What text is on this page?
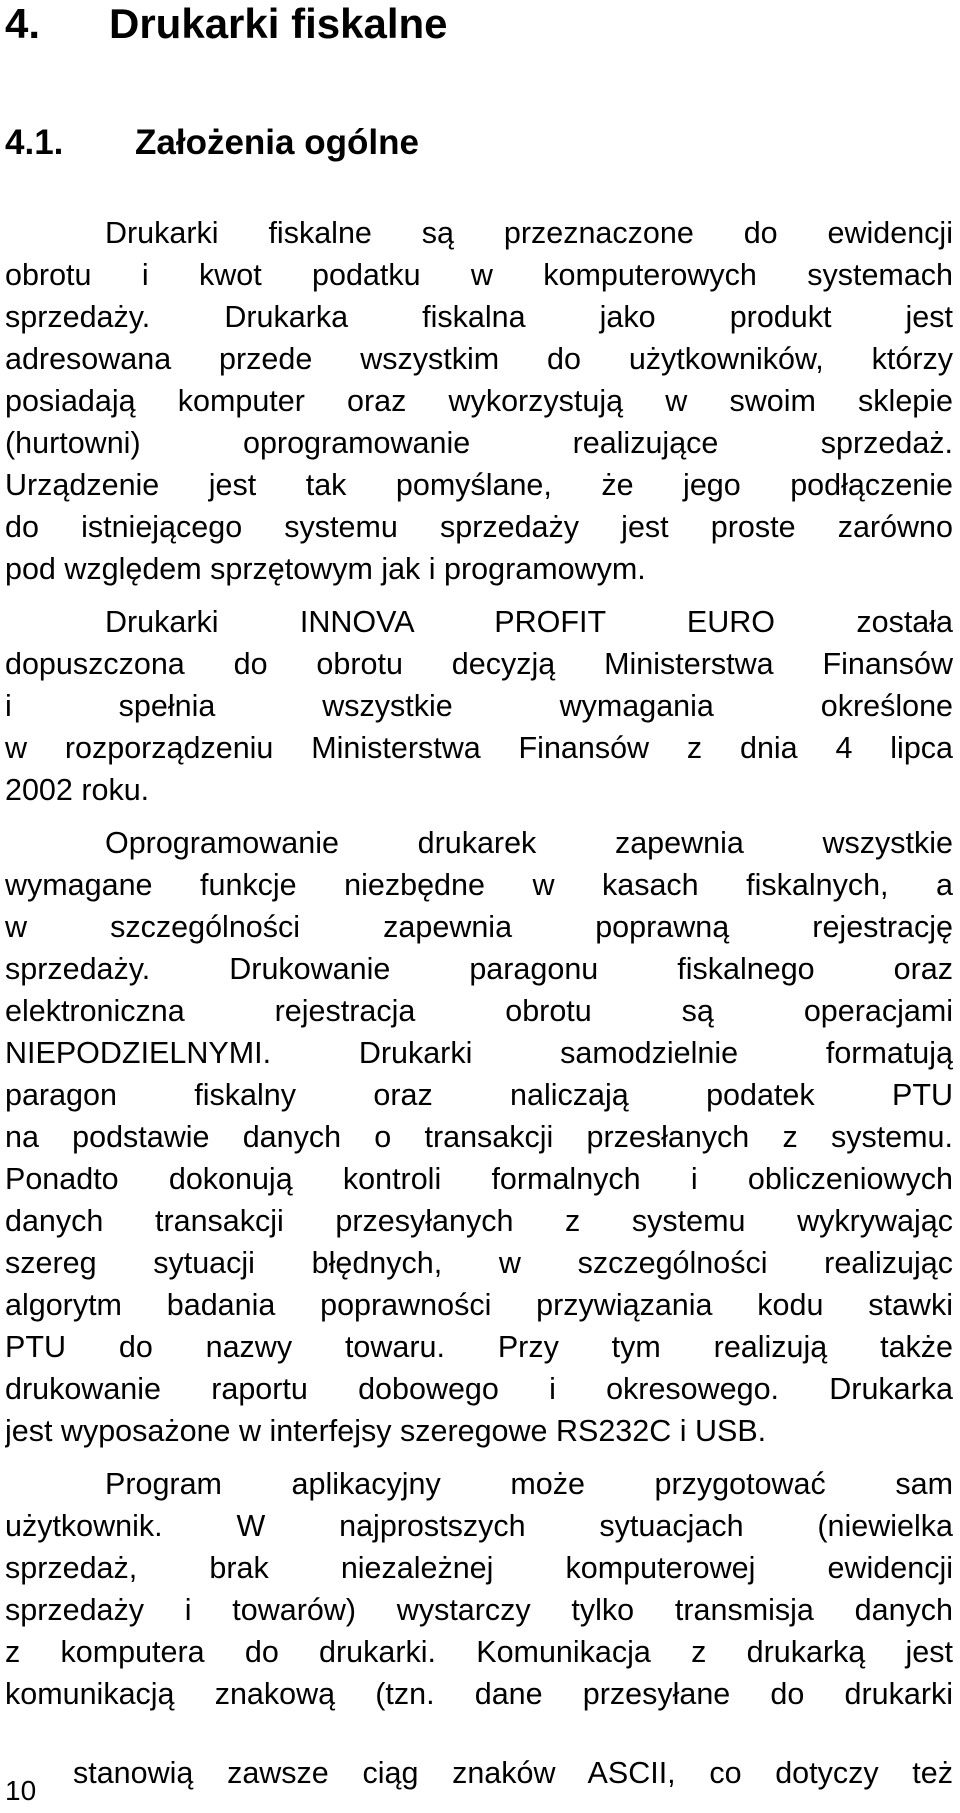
4. Drukarki fiskalne
4.1. Założenia ogólne
Drukarki fiskalne są przeznaczone do ewidencji
obrotu i kwot podatku w komputerowych systemach
sprzedaży. Drukarka fiskalna jako produkt jest
adresowana przede wszystkim do użytkowników, którzy
posiadają komputer oraz wykorzystują w swoim sklepie
(hurtowni) oprogramowanie realizujące sprzedaż.
Urządzenie jest tak pomyślane, że jego podłączenie
do istniejącego systemu sprzedaży jest proste zarówno
pod względem sprzętowym jak i programowym.
Drukarki INNOVA PROFIT EURO została
dopuszczona do obrotu decyzją Ministerstwa Finansów
i spełnia wszystkie wymagania określone
w rozporządzeniu Ministerstwa Finansów z dnia 4 lipca
2002 roku.
Oprogramowanie drukarek zapewnia wszystkie
wymagane funkcje niezbędne w kasach fiskalnych, a
w szczególności zapewnia poprawną rejestrację
sprzedaży. Drukowanie paragonu fiskalnego oraz
elektroniczna rejestracja obrotu są operacjami
NIEPODZIELNYMI. Drukarki samodzielnie formatują
paragon fiskalny oraz naliczają podatek PTU
na podstawie danych o transakcji przesłanych z systemu.
Ponadto dokonują kontroli formalnych i obliczeniowych
danych transakcji przesyłanych z systemu wykrywając
szereg sytuacji błędnych, w szczególności realizując
algorytm badania poprawności przywiązania kodu stawki
PTU do nazwy towaru. Przy tym realizują także
drukowanie raportu dobowego i okresowego. Drukarka
jest wyposażone w interfejsy szeregowe RS232C i USB.
Program aplikacyjny może przygotować sam
użytkownik. W najprostszych sytuacjach (niewielka
sprzedaż, brak niezależnej komputerowej ewidencji
sprzedaży i towarów) wystarczy tylko transmisja danych
z komputera do drukarki. Komunikacja z drukarką jest
komunikacją znakową (tzn. dane przesyłane do drukarki
stanowią zawsze ciąg znaków ASCII, co dotyczy też
10
